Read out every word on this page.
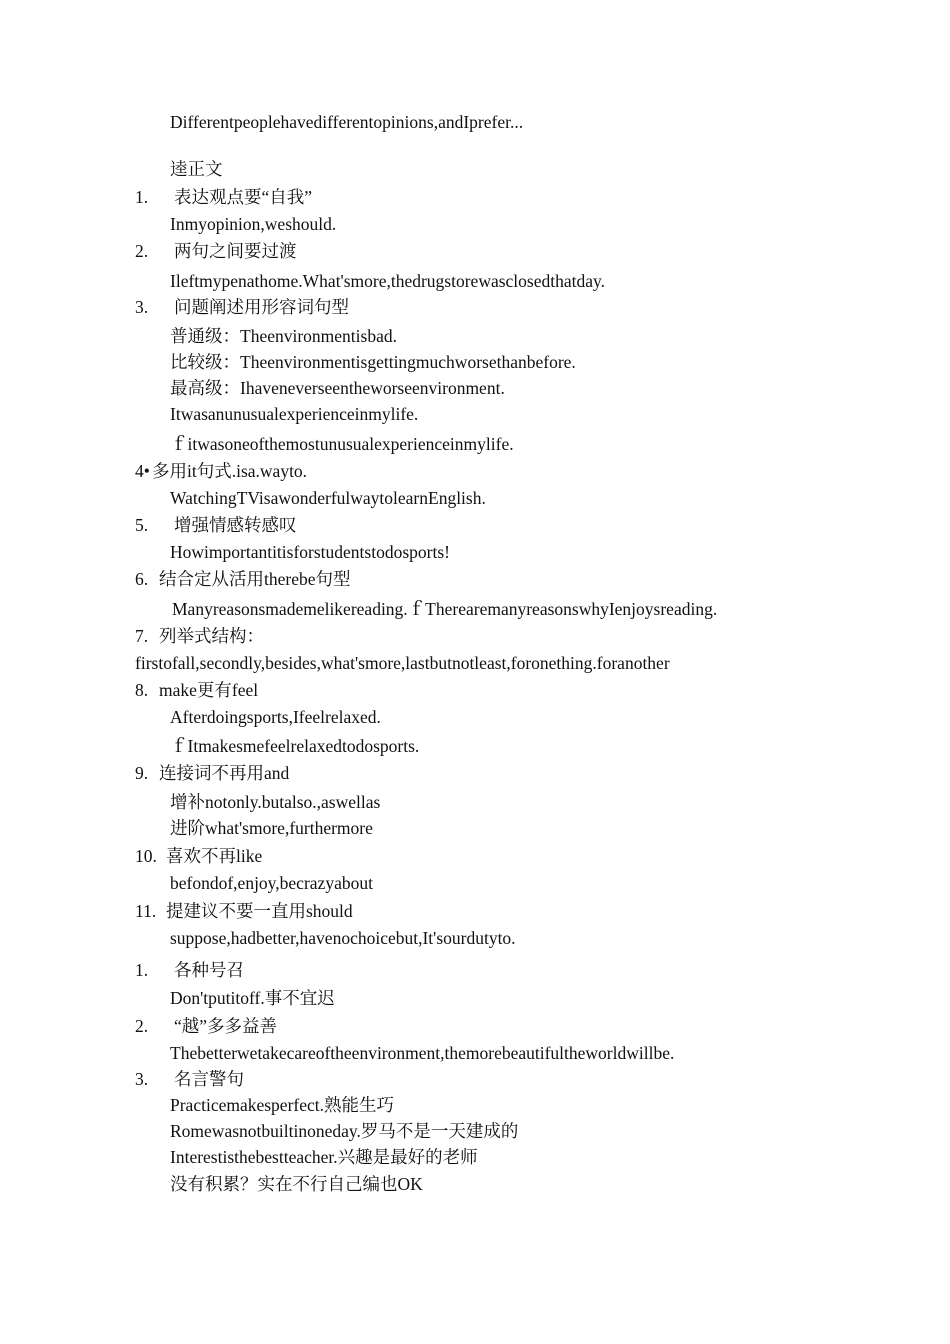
Differentpeoplehavedifferentopinions,andIprefer...
逵正文
1. 表达观点要“自我”
Inmyopinion,weshould.
2. 两句之间要过渡
Ileftmypenathome.What'smore,thedrugstorewasclosedthatday.
3. 问题阐述用形容词句型
普通级：Theenvironmentisbad.
比较级：Theenvironmentisgettingmuchworsethanbefore.
最高级：Ihaveneverseentheworseenvironment.
Itwasanunusualexperienceinmylife.
ｆitwasoneofthemostunusualexperienceinmylife.
4• 多用it句式.isa.wayto.
WatchingTVisawonderfulwaytolearnEnglish.
5. 增强情感转感叹
Howimportantitisforstudentstodosports!
6. 结合定从活用therebe句型
Manyreasonsmademelikereading.ｆTherearemanyreasonswhyIenjoysreading.
7. 列举式结构：
firstofall,secondly,besides,what'smore,lastbutnotleast,foronething.foranother
8. make更有feel
Afterdoingsports,Ifeelrelaxed.
ｆItmakesmefeelrelaxedtodosports.
9. 连接词不再用and
增补notonly.butalso.,aswellas
进阶what'smore,furthermore
10. 喜欢不再like
befondof,enjoy,becrazyabout
11. 提建议不要一直用should
suppose,hadbetter,havenochoicebut,It'sourdutyto.
1. 各种号召
Don'tputitoff.事不宜迟
2. “越”多多益善
Thebetterwetakecareoftheenvironment,themorebeautifultheworldwillbe.
3. 名言警句
Practicemakesperfect.熟能生巧
Romewasnotbuiltinoneday.罗马不是一天建成的
Interestisthebestteacher.兴趣是最好的老师
没有积累？实在不行自己编也OK
